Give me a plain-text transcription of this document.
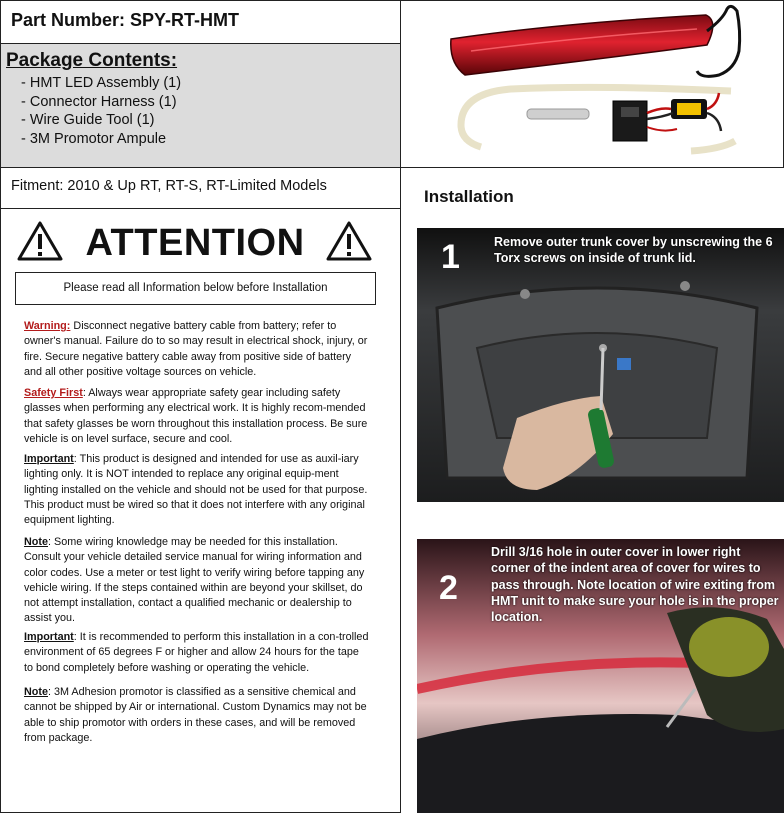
Part Number: SPY-RT-HMT
Package Contents:
- HMT LED Assembly (1)
- Connector Harness (1)
- Wire Guide Tool (1)
- 3M Promotor Ampule
Fitment: 2010 & Up RT, RT-S, RT-Limited Models
ATTENTION
Please read all Information below before Installation
Warning: Disconnect negative battery cable from battery; refer to owner's manual. Failure do to so may result in electrical shock, injury, or fire. Secure negative battery cable away from positive side of battery and all other positive voltage sources on vehicle.
Safety First: Always wear appropriate safety gear including safety glasses when performing any electrical work. It is highly recom-mended that safety glasses be worn throughout this installation process. Be sure vehicle is on level surface, secure and cool.
Important: This product is designed and intended for use as auxil-iary lighting only. It is NOT intended to replace any original equip-ment lighting installed on the vehicle and should not be used for that purpose. This product must be wired so that it does not interfere with any original equipment lighting.
Note: Some wiring knowledge may be needed for this installation. Consult your vehicle detailed service manual for wiring information and color codes. Use a meter or test light to verify wiring before tapping any vehicle wiring. If the steps contained within are beyond your skillset, do not attempt installation, contact a qualified mechanic or dealership to assist you.
Important: It is recommended to perform this installation in a con-trolled environment of 65 degrees F or higher and allow 24 hours for the tape to bond completely before washing or operating the vehicle.
Note: 3M Adhesion promotor is classified as a sensitive chemical and cannot be shipped by Air or international. Custom Dynamics may not be able to ship promotor with orders in these cases, and will be removed from package.
Installation
1	Remove outer trunk cover by unscrewing the 6 Torx screws on inside of trunk lid.
2
Drill 3/16 hole in outer cover in lower right corner of the indent area of cover for wires to pass through. Note location of wire exiting from HMT unit to make sure your hole is in the proper location.
